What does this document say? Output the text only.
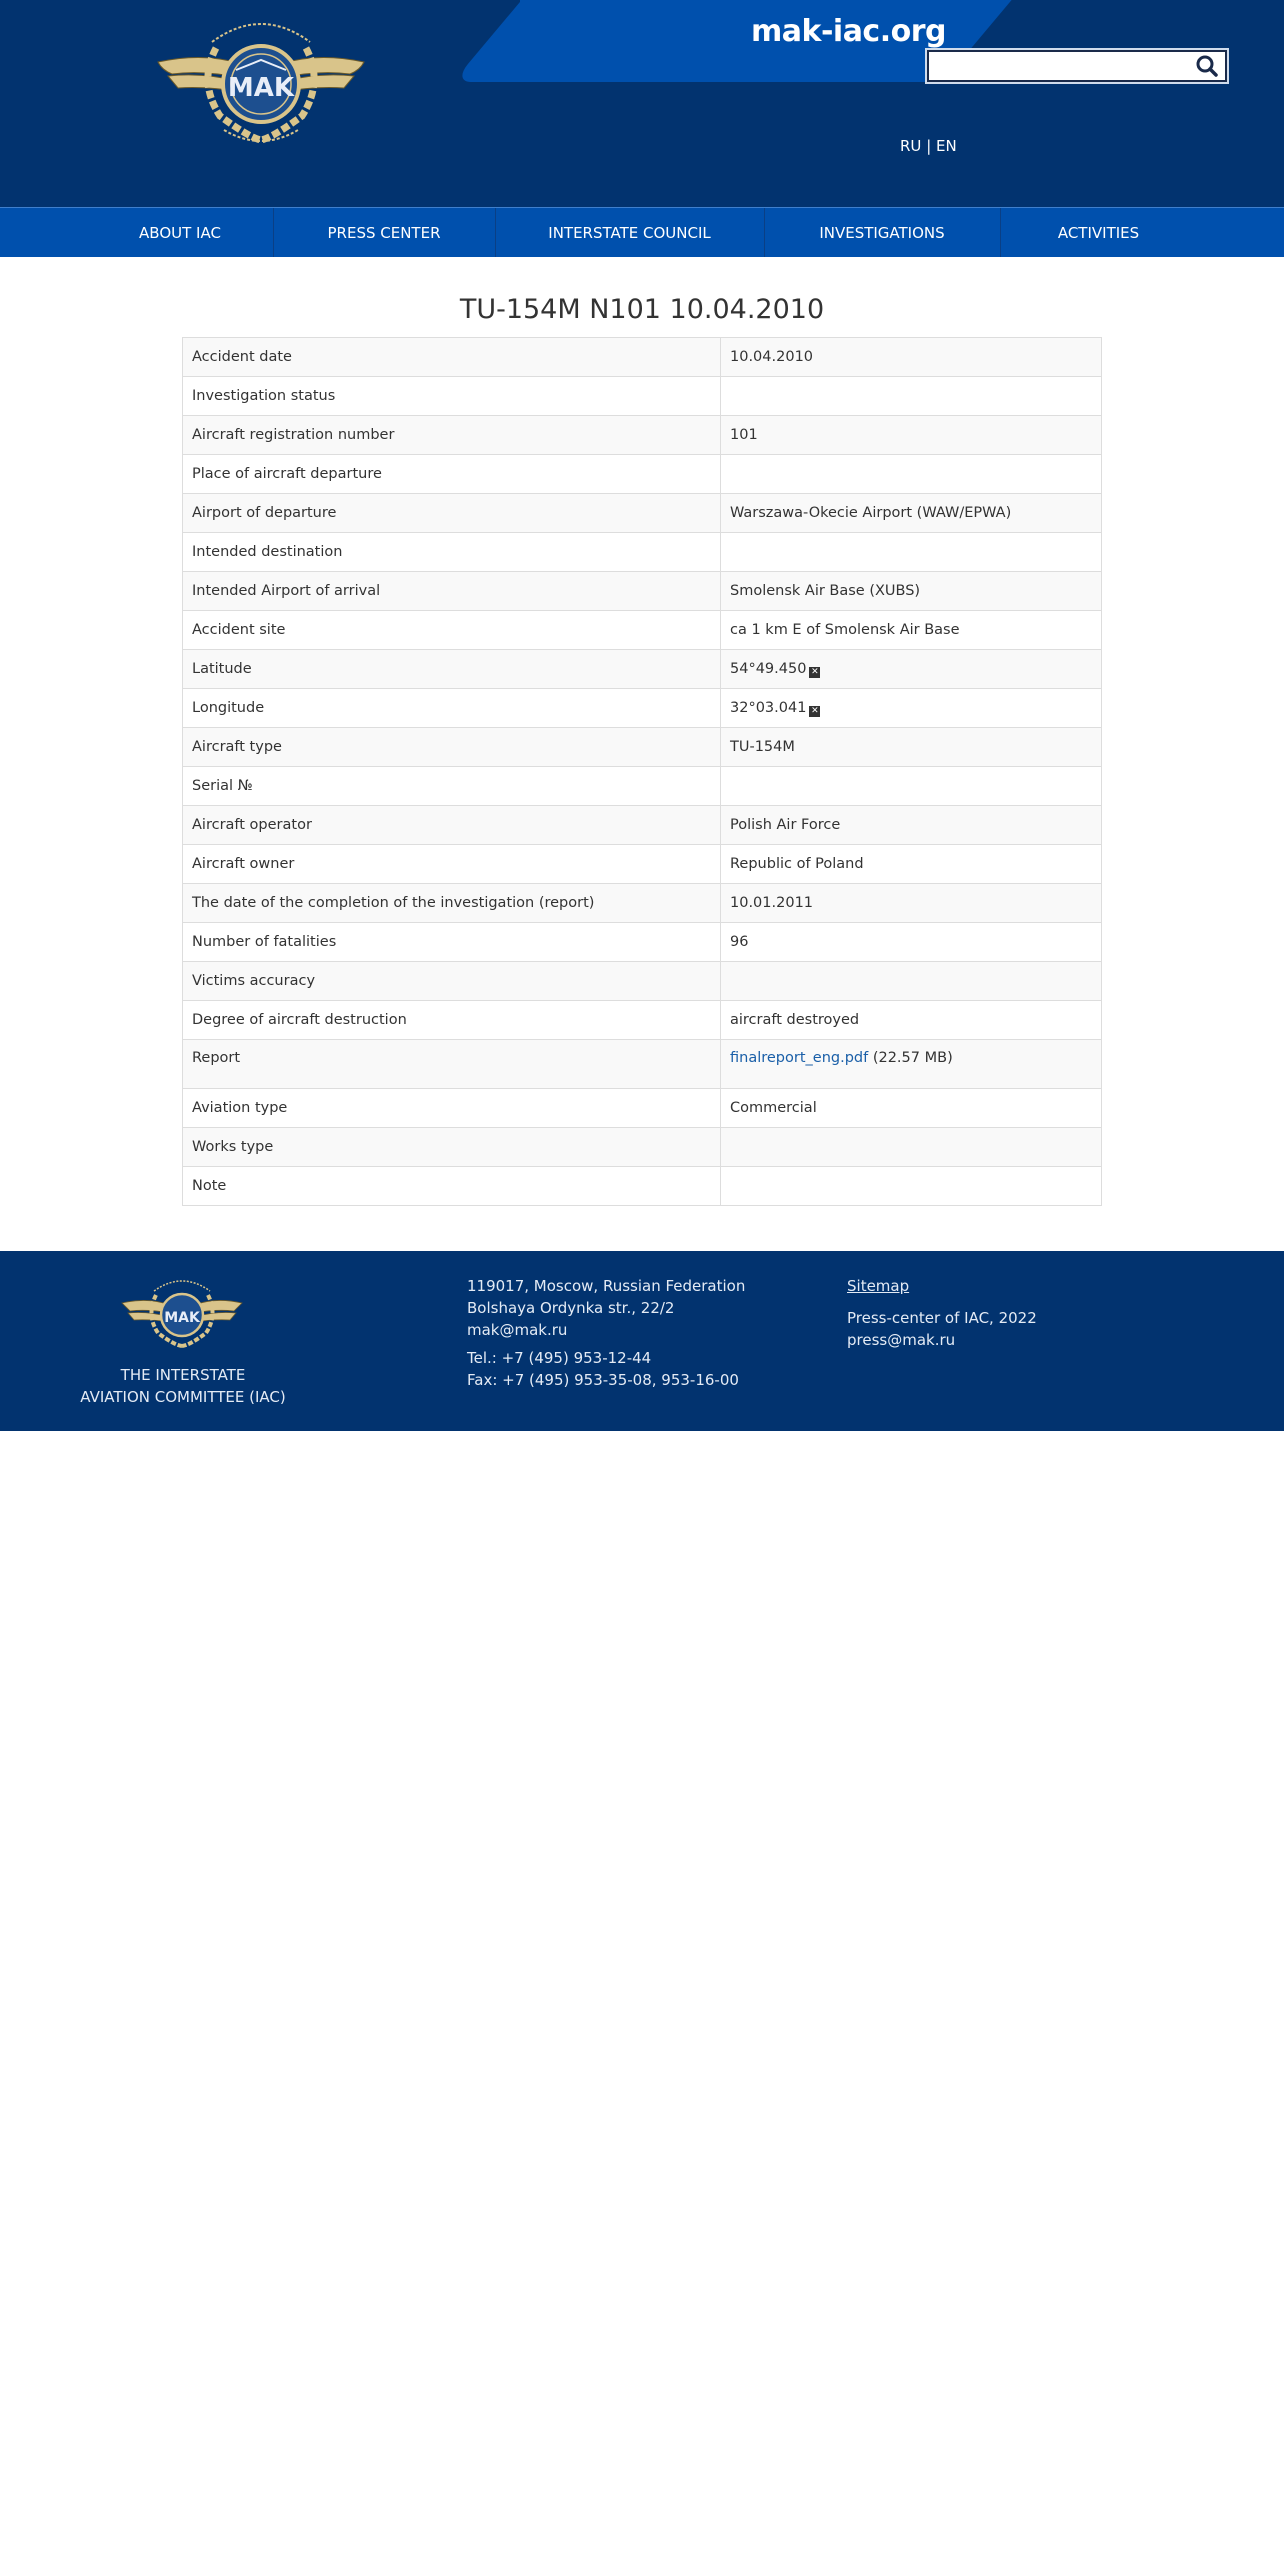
MAK
mak-iac.org
RU | EN
ABOUT IAC	PRESS CENTER	INTERSTATE COUNCIL	INVESTIGATIONS	ACTIVITIES
TU-154M N101 10.04.2010
Accident date	10.04.2010
Investigation status	
Aircraft registration number	101
Place of aircraft departure	
Airport of departure	Warszawa-Okecie Airport (WAW/EPWA)
Intended destination	
Intended Airport of arrival	Smolensk Air Base (XUBS)
Accident site	ca 1 km E of Smolensk Air Base
Latitude	54°49.450 ✕
Longitude	32°03.041 ✕
Aircraft type	TU-154M
Serial №	
Aircraft operator	Polish Air Force
Aircraft owner	Republic of Poland
The date of the completion of the investigation (report)	10.01.2011
Number of fatalities	96
Victims accuracy	
Degree of aircraft destruction	aircraft destroyed
Report	finalreport_eng.pdf (22.57 MB)
Aviation type	Commercial
Works type	
Note	
MAK
THE INTERSTATE
AVIATION COMMITTEE (IAC)

119017, Moscow, Russian Federation
Bolshaya Ordynka str., 22/2
mak@mak.ru

Tel.: +7 (495) 953-12-44
Fax: +7 (495) 953-35-08, 953-16-00

Sitemap

Press-center of IAC, 2022
press@mak.ru
